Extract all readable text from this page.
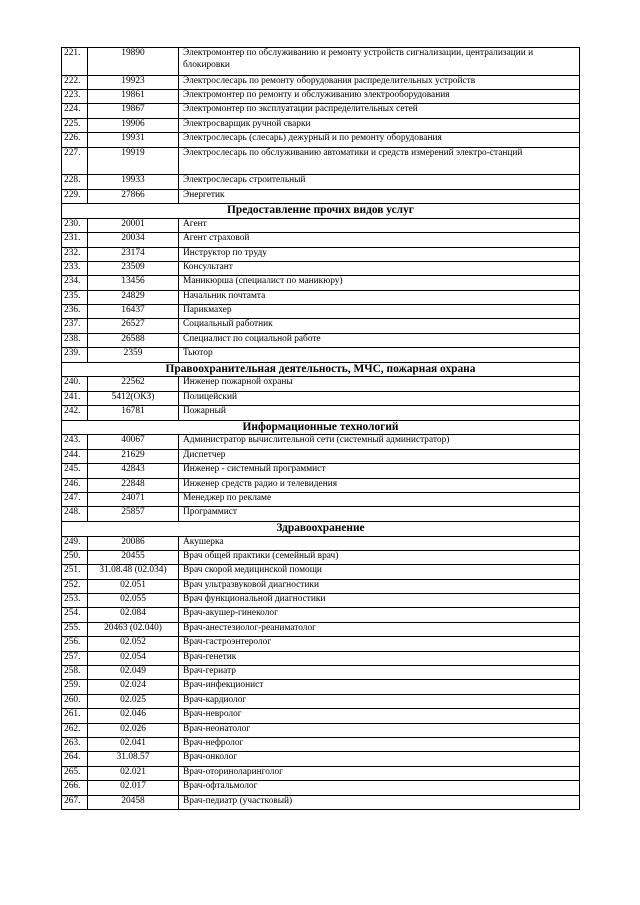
221.	19890	Электромонтер по обслуживанию и ремонту устройств сигнализации, централизации и блокировки
222.	19923	Электрослесарь по ремонту оборудования распределительных устройств
223.	19861	Электромонтер по ремонту и обслуживанию электрооборудования
224.	19867	Электромонтер по эксплуатации распределительных сетей
225.	19906	Электросварщик ручной сварки
226.	19931	Электрослесарь (слесарь) дежурный и по ремонту оборудования
227.	19919	Электрослесарь по обслуживанию автоматики и средств измерений электро-станций
228.	19933	Электрослесарь строительный
229.	27866	Энергетик
Предоставление прочих видов услуг		
230.	20001	Агент
231.	20034	Агент страховой
232.	23174	Инструктор по труду
233.	23509	Консультант
234.	13456	Маникюрша (специалист по маникюру)
235.	24829	Начальник почтамта
236.	16437	Парикмахер
237.	26527	Социальный работник
238.	26588	Специалист по социальной работе
239.	2359	Тьютор
Правоохранительная деятельность, МЧС, пожарная охрана		
240.	22562	Инженер пожарной охраны
241.	5412(ОКЗ)	Полицейский
242.	16781	Пожарный
Информационные технологий		
243.	40067	Администратор вычислительной сети (системный администратор)
244.	21629	Диспетчер
245.	42843	Инженер - системный программист
246.	22848	Инженер средств радио и телевидения
247.	24071	Менеджер по рекламе
248.	25857	Программист
Здравоохранение		
249.	20086	Акушерка
250.	20455	Врач общей практики (семейный врач)
251.	31.08.48 (02.034)	Врач скорой медицинской помощи
252.	02.051	Врач ультразвуковой диагностики
253.	02.055	Врач функциональной диагностики
254.	02.084	Врач-акушер-гинеколог
255.	20463 (02.040)	Врач-анестезиолог-реаниматолог
256.	02.052	Врач-гастроэнтеролог
257.	02.054	Врач-генетик
258.	02.049	Врач-гериатр
259.	02.024	Врач-инфекционист
260.	02.025	Врач-кардиолог
261.	02.046	Врач-невролог
262.	02.026	Врач-неонатолог
263.	02.041	Врач-нефролог
264.	31.08.57	Врач-онколог
265.	02.021	Врач-оториноларинголог
266.	02.017	Врач-офтальмолог
267.	20458	Врач-педиатр (участковый)
